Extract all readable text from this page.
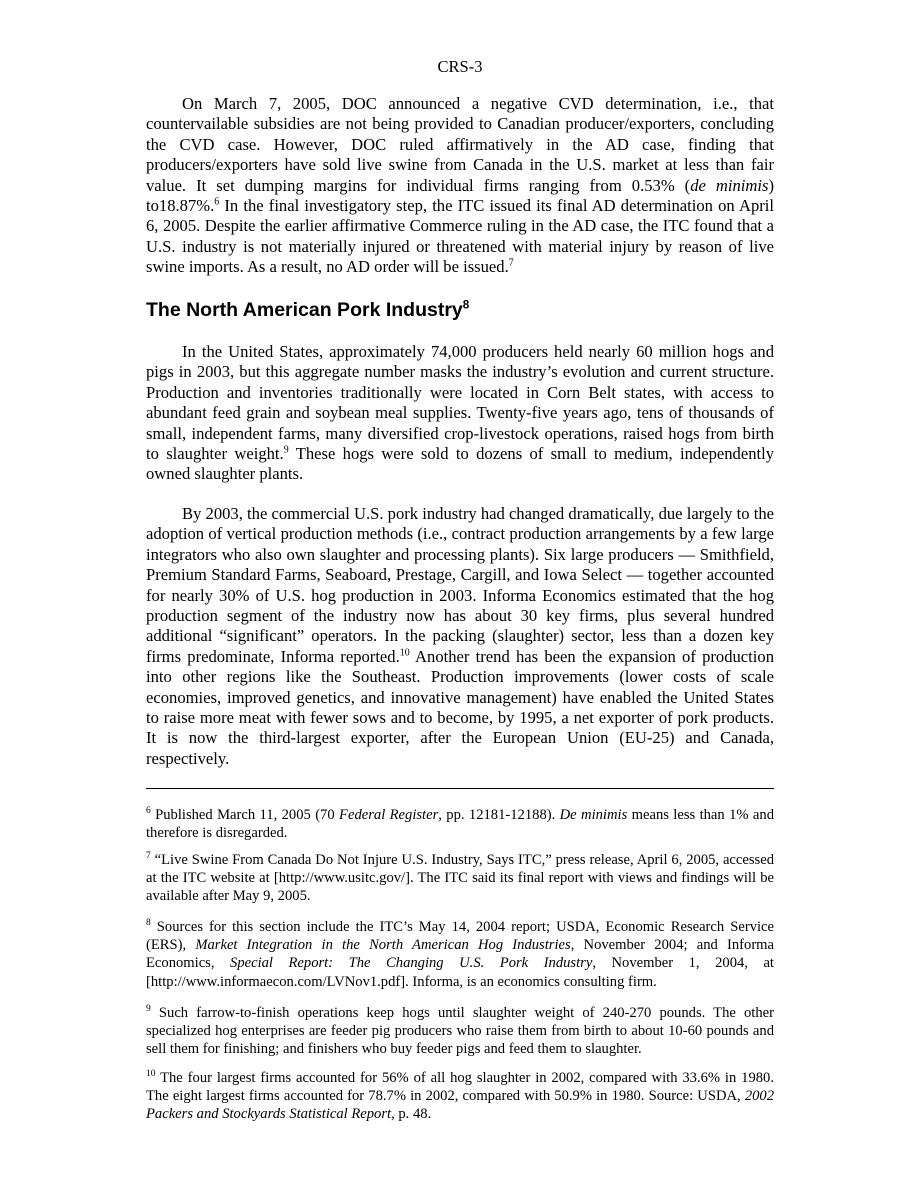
CRS-3

On March 7, 2005, DOC announced a negative CVD determination, i.e., that countervailable subsidies are not being provided to Canadian producer/exporters, concluding the CVD case. However, DOC ruled affirmatively in the AD case, finding that producers/exporters have sold live swine from Canada in the U.S. market at less than fair value. It set dumping margins for individual firms ranging from 0.53% (de minimis) to18.87%.$^6$ In the final investigatory step, the ITC issued its final AD determination on April 6, 2005. Despite the earlier affirmative Commerce ruling in the AD case, the ITC found that a U.S. industry is not materially injured or threatened with material injury by reason of live swine imports. As a result, no AD order will be issued.$^7$

The North American Pork Industry$^8$

In the United States, approximately 74,000 producers held nearly 60 million hogs and pigs in 2003, but this aggregate number masks the industry’s evolution and current structure. Production and inventories traditionally were located in Corn Belt states, with access to abundant feed grain and soybean meal supplies. Twenty-five years ago, tens of thousands of small, independent farms, many diversified crop-livestock operations, raised hogs from birth to slaughter weight.$^9$ These hogs were sold to dozens of small to medium, independently owned slaughter plants.

By 2003, the commercial U.S. pork industry had changed dramatically, due largely to the adoption of vertical production methods (i.e., contract production arrangements by a few large integrators who also own slaughter and processing plants). Six large producers — Smithfield, Premium Standard Farms, Seaboard, Prestage, Cargill, and Iowa Select — together accounted for nearly 30% of U.S. hog production in 2003. Informa Economics estimated that the hog production segment of the industry now has about 30 key firms, plus several hundred additional “significant” operators. In the packing (slaughter) sector, less than a dozen key firms predominate, Informa reported.$^{10}$ Another trend has been the expansion of production into other regions like the Southeast. Production improvements (lower costs of scale economies, improved genetics, and innovative management) have enabled the United States to raise more meat with fewer sows and to become, by 1995, a net exporter of pork products. It is now the third-largest exporter, after the European Union (EU-25) and Canada, respectively.

$^6$ Published March 11, 2005 (70 Federal Register, pp. 12181-12188). De minimis means less than 1% and therefore is disregarded.

$^7$ “Live Swine From Canada Do Not Injure U.S. Industry, Says ITC,” press release, April 6, 2005, accessed at the ITC website at [http://www.usitc.gov/]. The ITC said its final report with views and findings will be available after May 9, 2005.

$^8$ Sources for this section include the ITC’s May 14, 2004 report; USDA, Economic Research Service (ERS), Market Integration in the North American Hog Industries, November 2004; and Informa Economics, Special Report: The Changing U.S. Pork Industry, November 1, 2004, at [http://www.informaecon.com/LVNov1.pdf]. Informa, is an economics consulting firm.

$^9$ Such farrow-to-finish operations keep hogs until slaughter weight of 240-270 pounds. The other specialized hog enterprises are feeder pig producers who raise them from birth to about 10-60 pounds and sell them for finishing; and finishers who buy feeder pigs and feed them to slaughter.

$^{10}$ The four largest firms accounted for 56% of all hog slaughter in 2002, compared with 33.6% in 1980. The eight largest firms accounted for 78.7% in 2002, compared with 50.9% in 1980. Source: USDA, 2002 Packers and Stockyards Statistical Report, p. 48.
